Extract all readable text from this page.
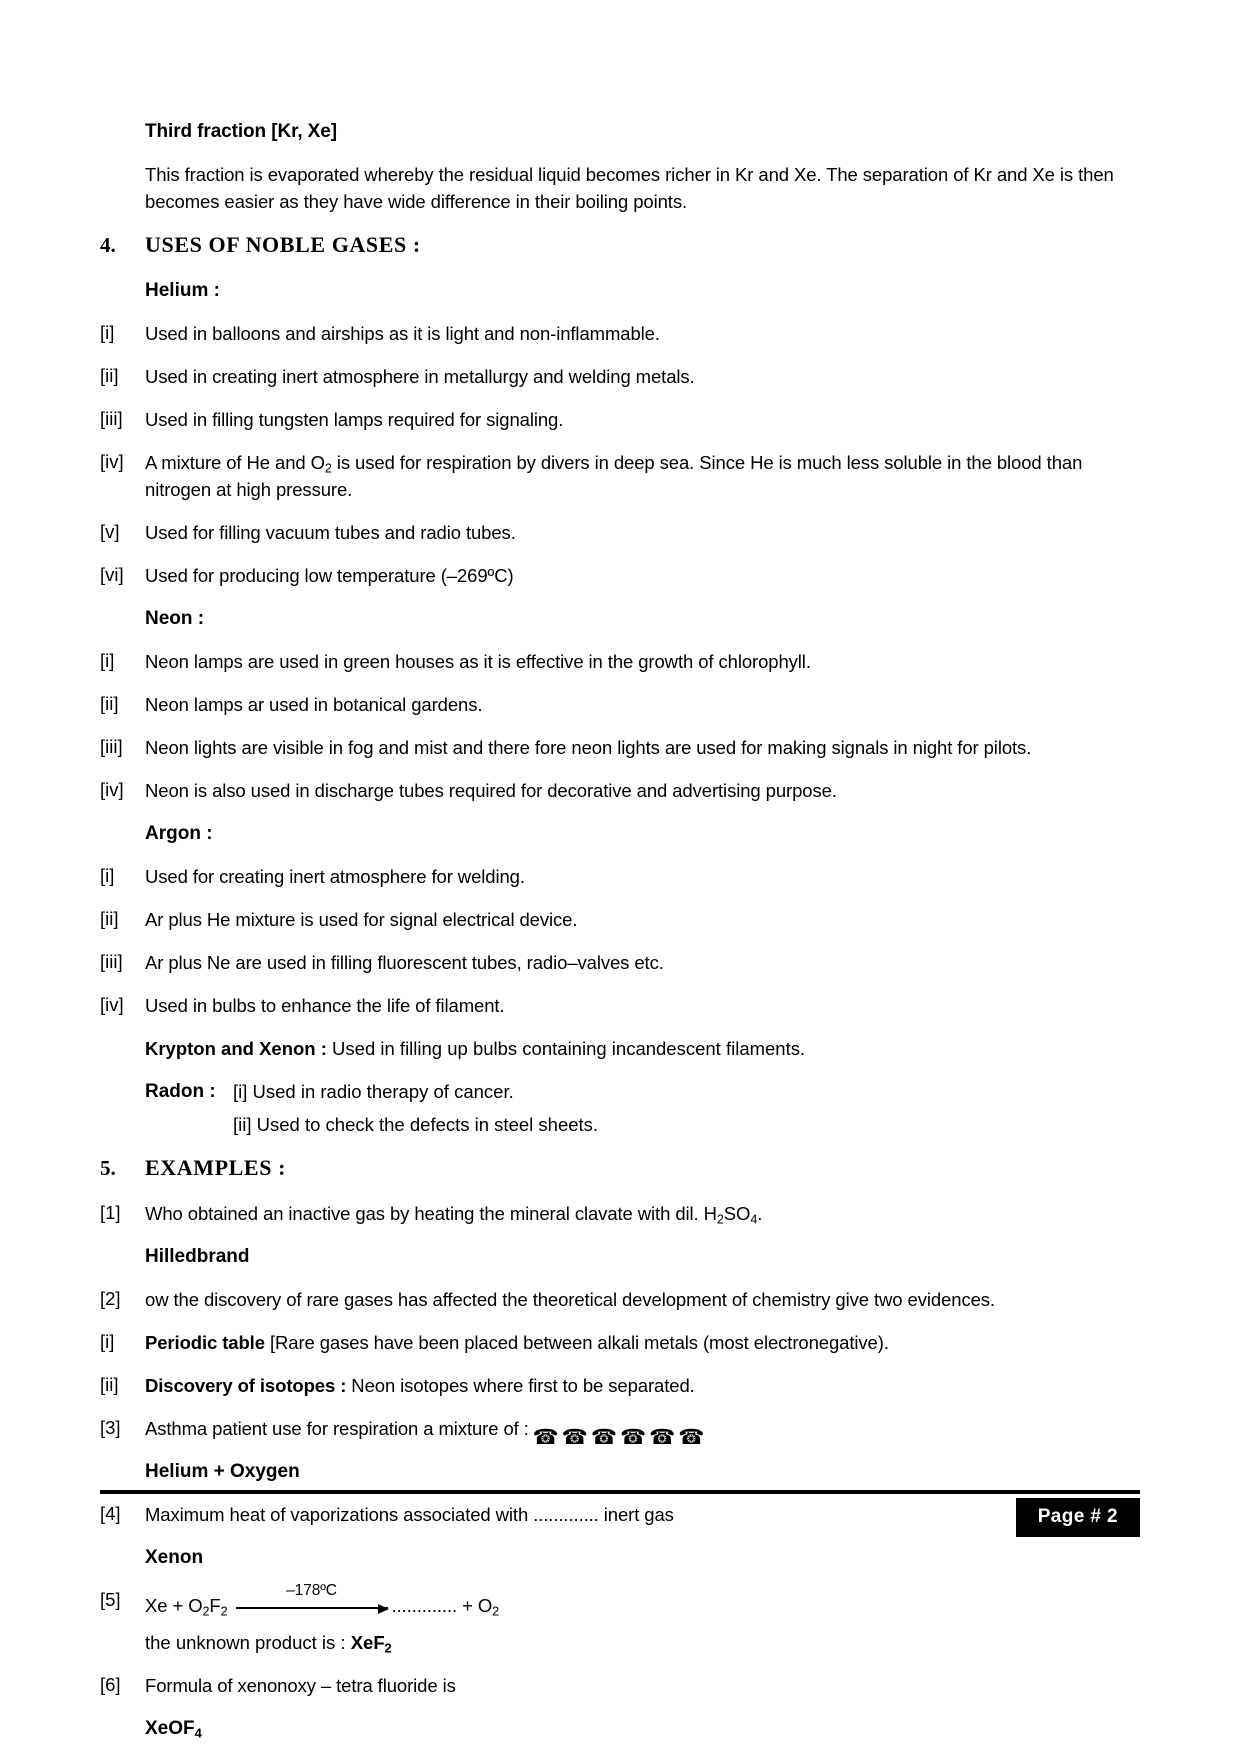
Third fraction [Kr, Xe]
This fraction is evaporated whereby the residual liquid becomes richer in Kr and Xe. The separation of Kr and Xe is then becomes easier as they have wide difference in their boiling points.
4.	USES OF NOBLE GASES :
Helium :
[i]	Used in balloons and airships as it is light and non-inflammable.
[ii]	Used in creating inert atmosphere in metallurgy and welding metals.
[iii]	Used in filling tungsten lamps required for signaling.
[iv]	A mixture of He and $O_2$ is used for respiration by divers in deep sea. Since He is much less soluble in the blood than nitrogen at high pressure.
[v]	Used for filling vacuum tubes and radio tubes.
[vi]	Used for producing low temperature (–269ºC)
Neon :
[i]	Neon lamps are used in green houses as it is effective in the growth of chlorophyll.
[ii]	Neon lamps ar used in botanical gardens.
[iii]	Neon lights are visible in fog and mist and there fore neon lights are used for making signals in night for pilots.
[iv]	Neon is also used in discharge tubes required for decorative and advertising purpose.
Argon :
[i]	Used for creating inert atmosphere for welding.
[ii]	Ar plus He mixture is used for signal electrical device.
[iii]	Ar plus Ne are used in filling fluorescent tubes, radio–valves etc.
[iv]	Used in bulbs to enhance the life of filament.
Krypton and Xenon : Used in filling up bulbs containing incandescent filaments.
Radon : [i] Used in radio therapy of cancer.
[ii] Used to check the defects in steel sheets.
5.	EXAMPLES :
[1]	Who obtained an inactive gas by heating the mineral clavate with dil. $H_2SO_4$.
Hilledbrand
[2]	ow the discovery of rare gases has affected the theoretical development of chemistry give two evidences.
[i]	Periodic table [Rare gases have been placed between alkali metals (most electronegative).
[ii]	Discovery of isotopes : Neon isotopes where first to be separated.
[3]	Asthma patient use for respiration a mixture of :
Helium + Oxygen
[4]	Maximum heat of vaporizations associated with ............. inert gas
Xenon
[5]	$Xe + O_2F_2$
–178ºC
............. + $O_2$
the unknown product is : XeF$_2$
[6]	Formula of xenonoxy – tetra fluoride is
XeOF$_4$
☎☎☎☎☎☎
Page # 2
